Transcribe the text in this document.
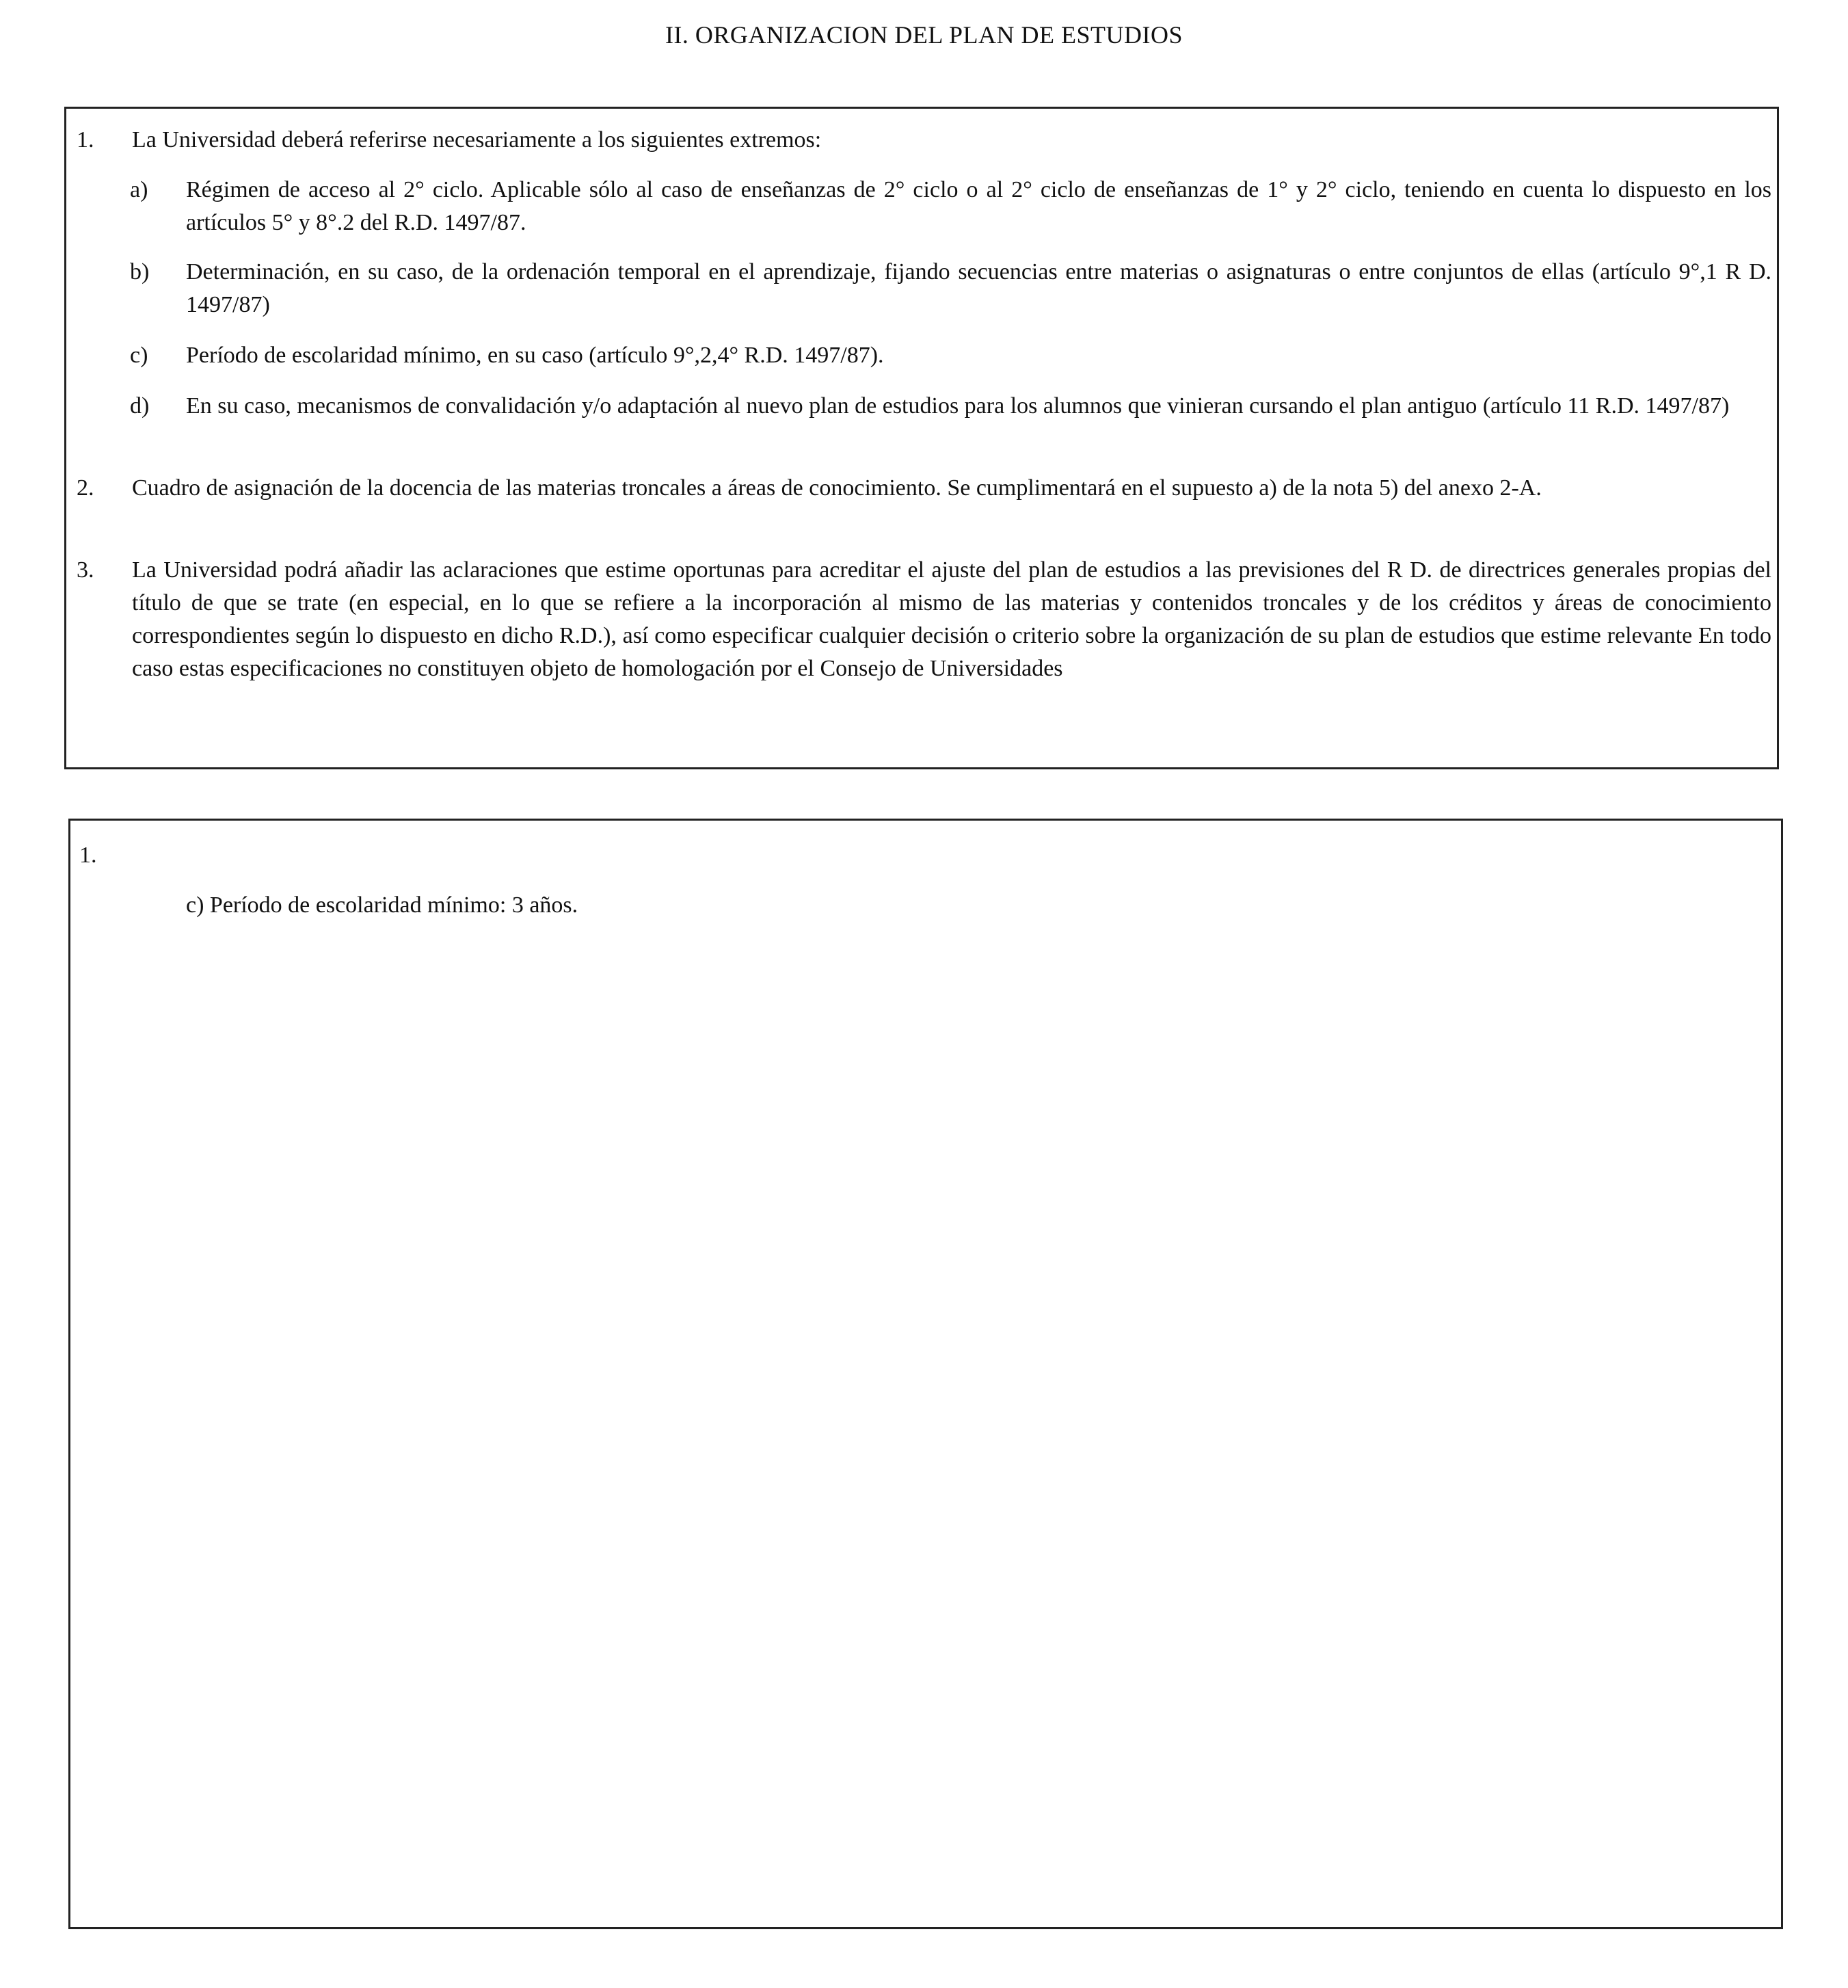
II. ORGANIZACION DEL PLAN DE ESTUDIOS
1. La Universidad deberá referirse necesariamente a los siguientes extremos:
a) Régimen de acceso al 2° ciclo. Aplicable sólo al caso de enseñanzas de 2° ciclo o al 2° ciclo de enseñanzas de 1° y 2° ciclo, teniendo en cuenta lo dispuesto en los artículos 5° y 8°.2 del R.D. 1497/87.
b) Determinación, en su caso, de la ordenación temporal en el aprendizaje, fijando secuencias entre materias o asignaturas o entre conjuntos de ellas (artículo 9°,1 R D. 1497/87)
c) Período de escolaridad mínimo, en su caso (artículo 9°,2,4° R.D. 1497/87).
d) En su caso, mecanismos de convalidación y/o adaptación al nuevo plan de estudios para los alumnos que vinieran cursando el plan antiguo (artículo 11 R.D. 1497/87)
2. Cuadro de asignación de la docencia de las materias troncales a áreas de conocimiento. Se cumplimentará en el supuesto a) de la nota 5) del anexo 2-A.
3. La Universidad podrá añadir las aclaraciones que estime oportunas para acreditar el ajuste del plan de estudios a las previsiones del R D. de directrices generales propias del título de que se trate (en especial, en lo que se refiere a la incorporación al mismo de las materias y contenidos troncales y de los créditos y áreas de conocimiento correspondientes según lo dispuesto en dicho R.D.), así como especificar cualquier decisión o criterio sobre la organización de su plan de estudios que estime relevante En todo caso estas especificaciones no constituyen objeto de homologación por el Consejo de Universidades
1.
c) Período de escolaridad mínimo: 3 años.
